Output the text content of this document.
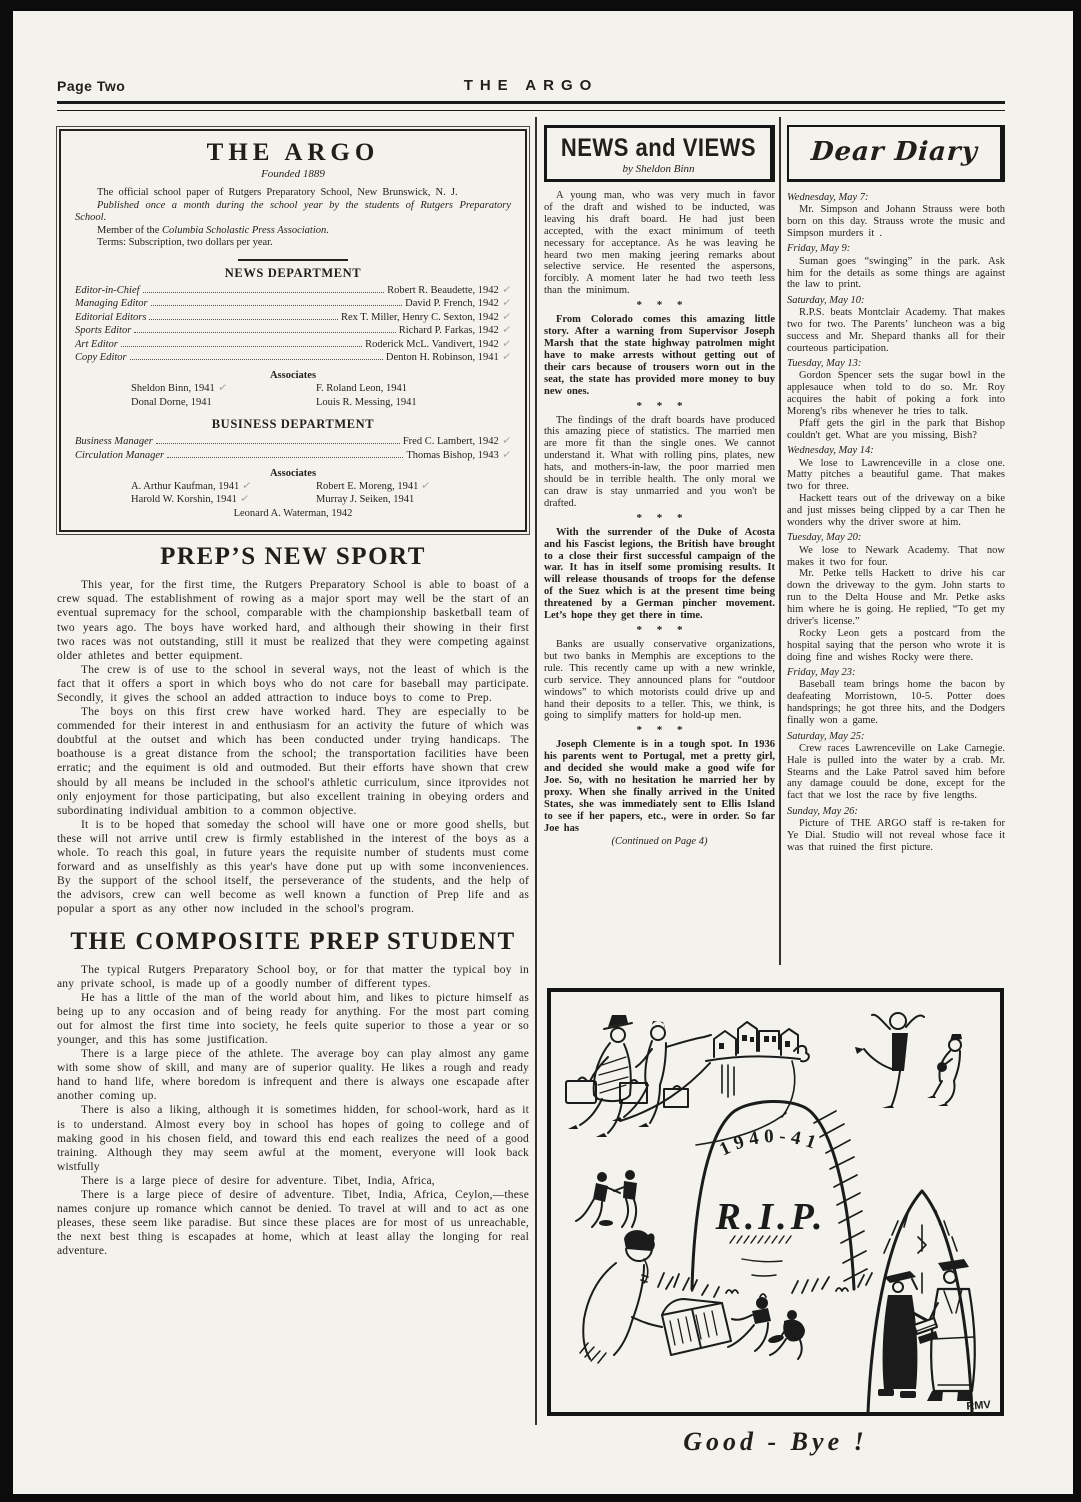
Page Two	THE ARGO
THE ARGO
Founded 1889

The official school paper of Rutgers Preparatory School, New Brunswick, N. J.

Published once a month during the school year by the students of Rutgers Preparatory School.

Member of the Columbia Scholastic Press Association.

Terms: Subscription, two dollars per year.

NEWS DEPARTMENT
Editor-in-Chief	Robert R. Beaudette, 1942 ✓
Managing Editor	David P. French, 1942 ✓
Editorial Editors	Rex T. Miller, Henry C. Sexton, 1942 ✓
Sports Editor	Richard P. Farkas, 1942 ✓
Art Editor	Roderick McL. Vandivert, 1942 ✓
Copy Editor	Denton H. Robinson, 1941 ✓
Associates
Sheldon Binn, 1941 ✓	F. Roland Leon, 1941
Donal Dorne, 1941	Louis R. Messing, 1941
BUSINESS DEPARTMENT
Business Manager	Fred C. Lambert, 1942 ✓
Circulation Manager	Thomas Bishop, 1943 ✓
Associates
A. Arthur Kaufman, 1941 ✓	Robert E. Moreng, 1941 ✓
Harold W. Korshin, 1941 ✓	Murray J. Seiken, 1941
Leonard A. Waterman, 1942
PREP’S NEW SPORT

This year, for the first time, the Rutgers Preparatory School is able to boast of a crew squad. The establishment of rowing as a major sport may well be the start of an eventual supremacy for the school, comparable with the championship basketball team of two years ago. The boys have worked hard, and although their showing in their first two races was not outstanding, still it must be realized that they were competing against older athletes and better equipment.

The crew is of use to the school in several ways, not the least of which is the fact that it offers a sport in which boys who do not care for baseball may participate. Secondly, it gives the school an added attraction to induce boys to come to Prep.

The boys on this first crew have worked hard. They are especially to be commended for their interest in and enthusiasm for an activity the future of which was doubtful at the outset and which has been conducted under trying handicaps. The boathouse is a great distance from the school; the transportation facilities have been erratic; and the equiment is old and outmoded. But their efforts have shown that crew should by all means be included in the school's athletic curriculum, since itprovides not only enjoyment for those participating, but also excellent training in obeying orders and subordinating individual ambition to a common objective.

It is to be hoped that someday the school will have one or more good shells, but these will not arrive until crew is firmly established in the interest of the boys as a whole. To reach this goal, in future years the requisite number of students must come forward and as unselfishly as this year's have done put up with some inconveniences. By the support of the school itself, the perseverance of the students, and the help of the advisors, crew can well become as well known a function of Prep life and as popular a sport as any other now included in the school's program.

THE COMPOSITE PREP STUDENT

The typical Rutgers Preparatory School boy, or for that matter the typical boy in any private school, is made up of a goodly number of different types.

He has a little of the man of the world about him, and likes to picture himself as being up to any occasion and of being ready for anything. For the most part coming out for almost the first time into society, he feels quite superior to those a year or so younger, and this has some justification.

There is a large piece of the athlete. The average boy can play almost any game with some show of skill, and many are of superior quality. He likes a rough and ready hand to hand life, where boredom is infrequent and there is always one escapade after another coming up.

There is also a liking, although it is sometimes hidden, for school-work, hard as it is to understand. Almost every boy in school has hopes of going to college and of making good in his chosen field, and toward this end each realizes the need of a good training. Although they may seem awful at the moment, everyone will look back wistfully

There is a large piece of desire for adventure. Tibet, India, Africa,

There is a large piece of desire of adventure. Tibet, India, Africa, Ceylon,—these names conjure up romance which cannot be denied. To travel at will and to act as one pleases, these seem like paradise. But since these places are for most of us unreachable, the next best thing is escapades at home, which at least allay the longing for real adventure.

NEWS and VIEWS
by Sheldon Binn

A young man, who was very much in favor of the draft and wished to be inducted, was leaving his draft board. He had just been accepted, with the exact minimum of teeth necessary for acceptance. As he was leaving he heard two men making jeering remarks about selective service. He resented the aspersons, forcibly. A moment later he had two teeth less than the minimum.

* * *

From Colorado comes this amazing little story. After a warning from Supervisor Joseph Marsh that the state highway patrolmen might have to make arrests without getting out of their cars because of trousers worn out in the seat, the state has provided more money to buy new ones.

* * *

The findings of the draft boards have produced this amazing piece of statistics. The married men are more fit than the single ones. We cannot understand it. What with rolling pins, plates, new hats, and mothers-in-law, the poor married men should be in terrible health. The only moral we can draw is stay unmarried and you won't be drafted.

* * *

With the surrender of the Duke of Acosta and his Fascist legions, the British have brought to a close their first successful campaign of the war. It has in itself some promising results. It will release thousands of troops for the defense of the Suez which is at the present time being threatened by a German pincher movement. Let’s hope they get there in time.

* * *

Banks are usually conservative organizations, but two banks in Memphis are exceptions to the rule. This recently came up with a new wrinkle, curb service. They announced plans for “outdoor windows” to which motorists could drive up and hand their deposits to a teller. This, we think, is going to simplify matters for hold-up men.

* * *

Joseph Clemente is in a tough spot. In 1936 his parents went to Portugal, met a pretty girl, and decided she would make a good wife for Joe. So, with no hesitation he married her by proxy. When she finally arrived in the United States, she was immediately sent to Ellis Island to see if her papers, etc., were in order. So far Joe has

(Continued on Page 4)
Dear Diary
Wednesday, May 7:

Mr. Simpson and Johann Strauss were both born on this day. Strauss wrote the music and Simpson murders it .

Friday, May 9:

Suman goes “swinging” in the park. Ask him for the details as some things are against the law to print.

Saturday, May 10:

R.P.S. beats Montclair Academy. That makes two for two. The Parents’ luncheon was a big success and Mr. Shepard thanks all for their courteous participation.

Tuesday, May 13:

Gordon Spencer sets the sugar bowl in the applesauce when told to do so. Mr. Roy acquires the habit of poking a fork into Moreng's ribs whenever he tries to talk.

Pfaff gets the girl in the park that Bishop couldn't get. What are you missing, Bish?

Wednesday, May 14:

We lose to Lawrenceville in a close one. Matty pitches a beautiful game. That makes two for three.

Hackett tears out of the driveway on a bike and just misses being clipped by a car Then he wonders why the driver swore at him.

Tuesday, May 20:

We lose to Newark Academy. That now makes it two for four.

Mr. Petke tells Hackett to drive his car down the driveway to the gym. John starts to run to the Delta House and Mr. Petke asks him where he is going. He replied, “To get my driver's license.”

Rocky Leon gets a postcard from the hospital saying that the person who wrote it is doing fine and wishes Rocky were there.

Friday, May 23:

Baseball team brings home the bacon by deafeating Morristown, 10-5. Potter does handsprings; he got three hits, and the Dodgers finally won a game.

Saturday, May 25:

Crew races Lawrenceville on Lake Carnegie. Hale is pulled into the water by a crab. Mr. Stearns and the Lake Patrol saved him before any damage couuld be done, except for the fact that we lost the race by five lengths.

Sunday, May 26:

Picture of THE ARGO staff is re-taken for Ye Dial. Studio will not reveal whose face it was that ruined the first picture.

1940-41
R.I.P.
RMV
Good - Bye !
